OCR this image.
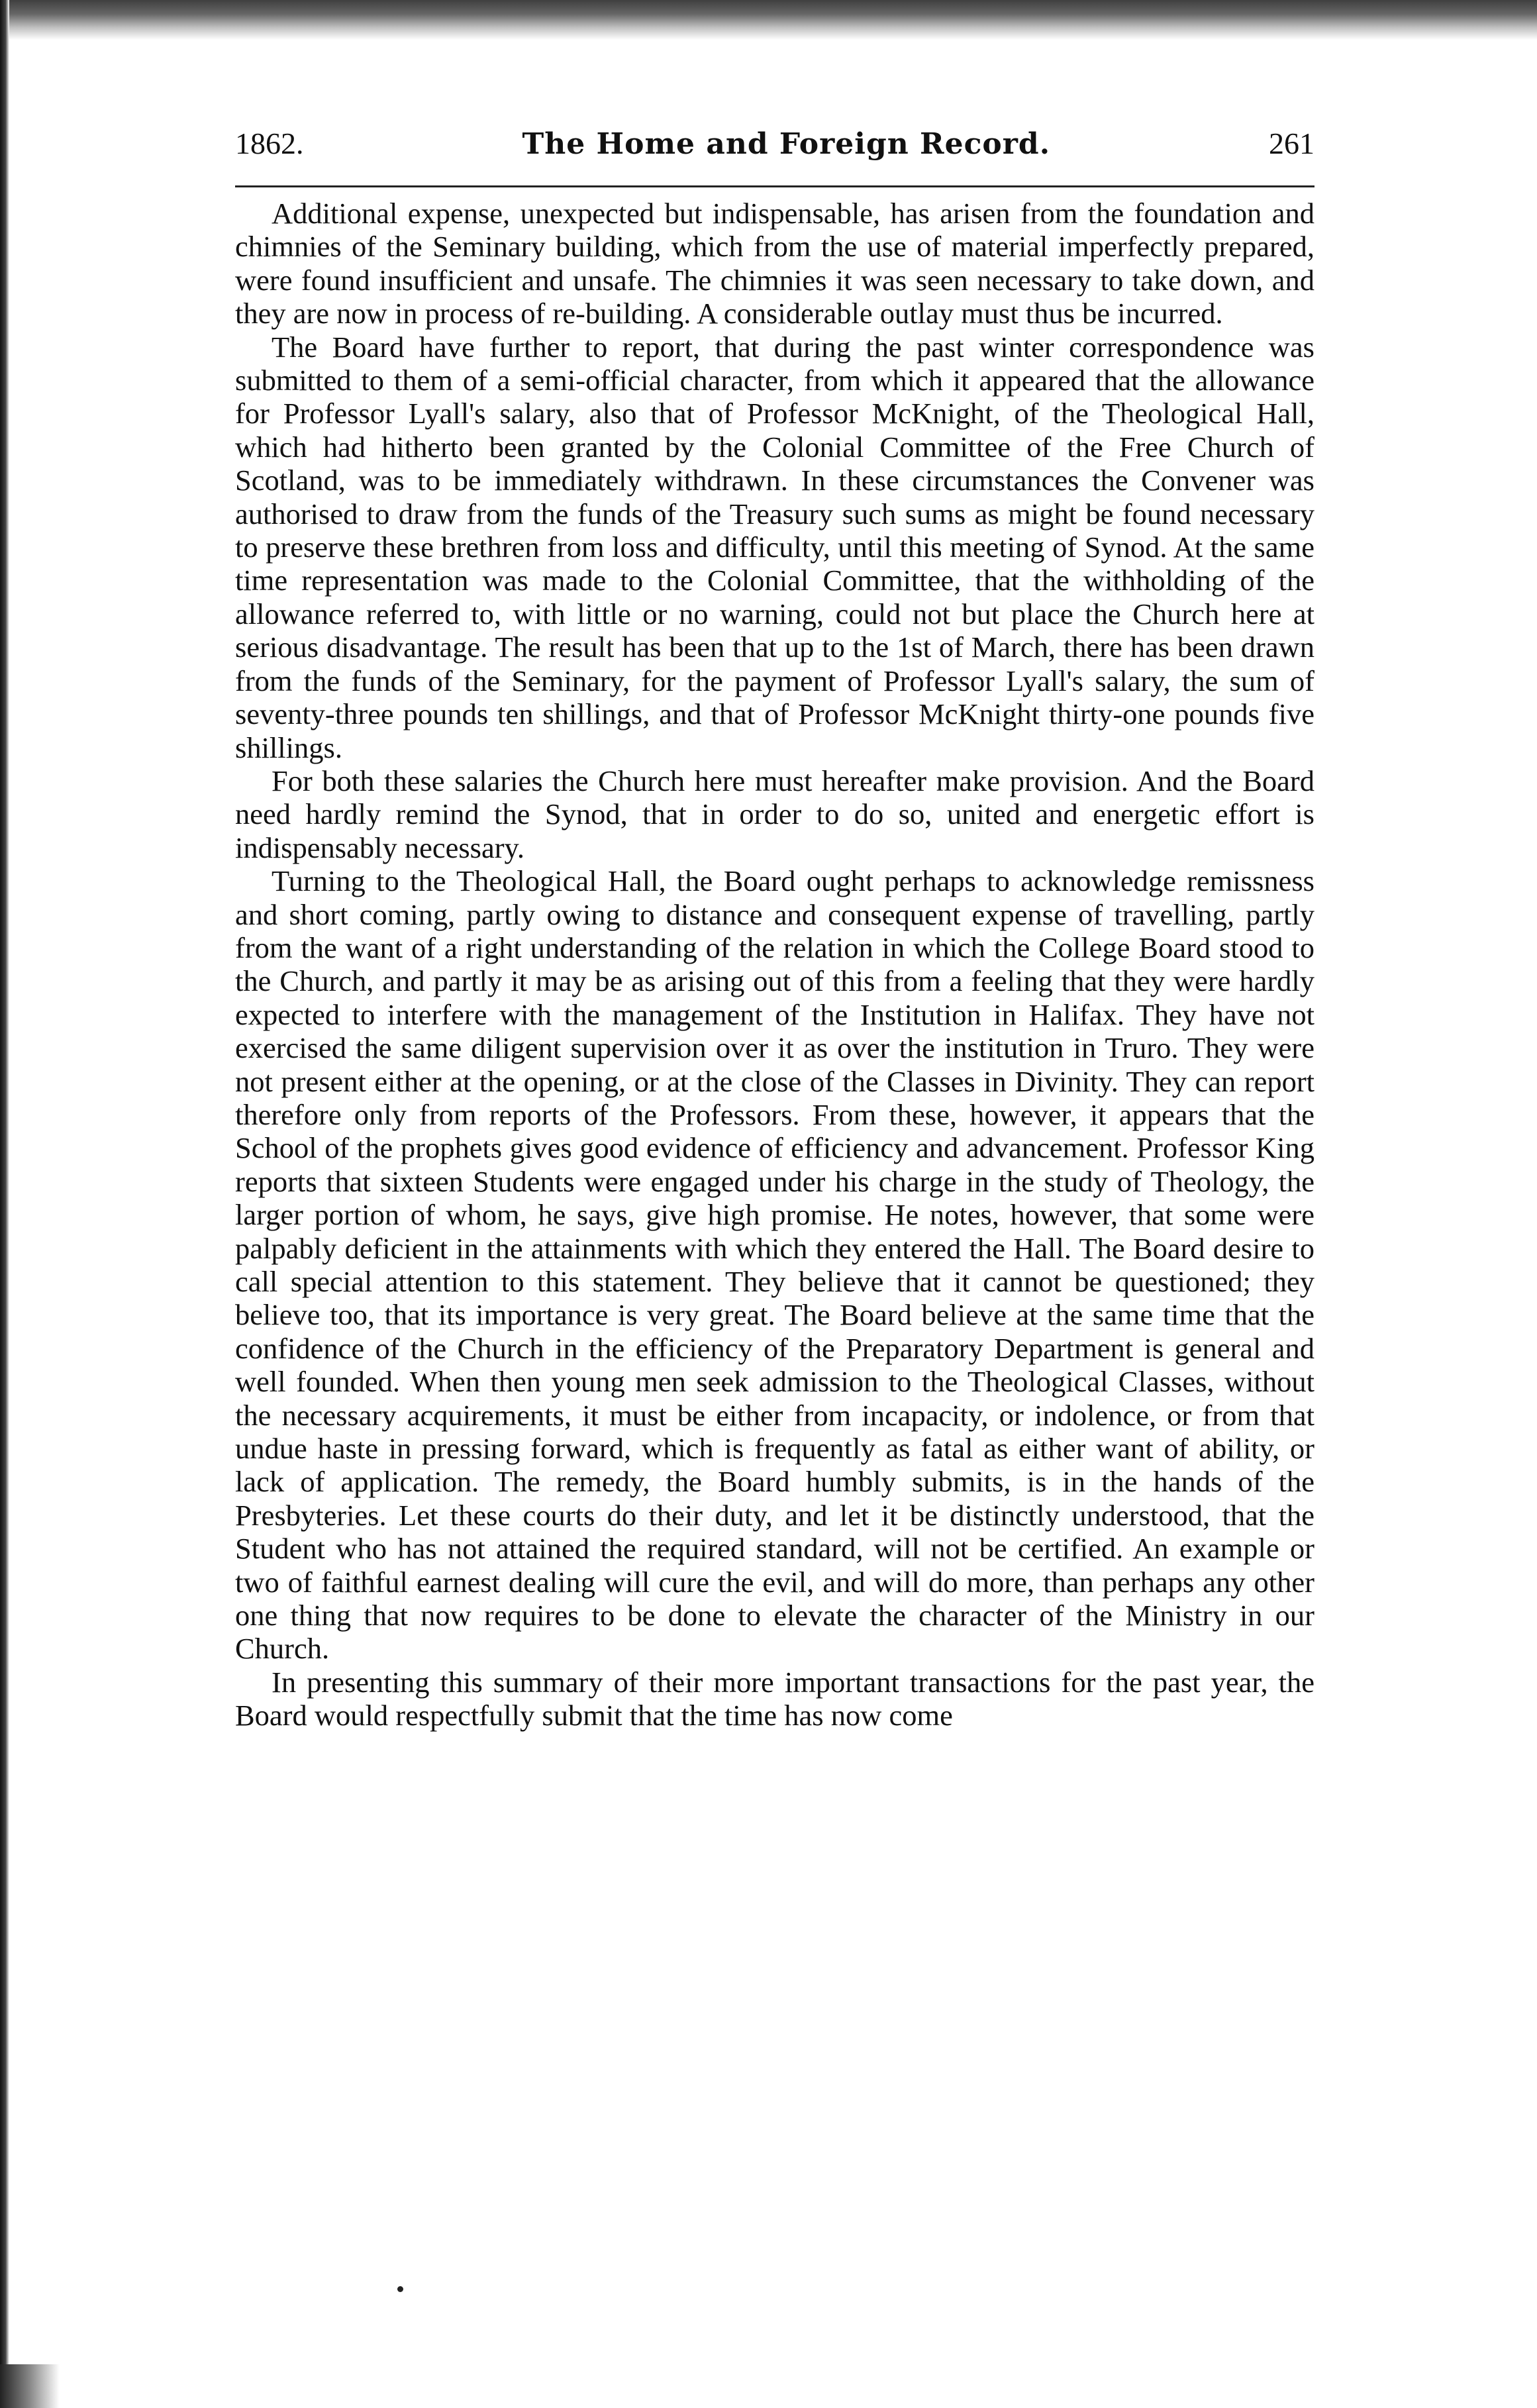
1862.	The Home and Foreign Record.	261

Additional expense, unexpected but indispensable, has arisen from the foundation and chimnies of the Seminary building, which from the use of material imperfectly prepared, were found insufficient and unsafe. The chimnies it was seen necessary to take down, and they are now in process of re-building. A considerable outlay must thus be incurred.

The Board have further to report, that during the past winter correspondence was submitted to them of a semi-official character, from which it appeared that the allowance for Professor Lyall's salary, also that of Professor McKnight, of the Theological Hall, which had hitherto been granted by the Colonial Committee of the Free Church of Scotland, was to be immediately withdrawn. In these circumstances the Convener was authorised to draw from the funds of the Treasury such sums as might be found necessary to preserve these brethren from loss and difficulty, until this meeting of Synod. At the same time representation was made to the Colonial Committee, that the withholding of the allowance referred to, with little or no warning, could not but place the Church here at serious disadvantage. The result has been that up to the 1st of March, there has been drawn from the funds of the Seminary, for the payment of Professor Lyall's salary, the sum of seventy-three pounds ten shillings, and that of Professor McKnight thirty-one pounds five shillings.

For both these salaries the Church here must hereafter make provision. And the Board need hardly remind the Synod, that in order to do so, united and energetic effort is indispensably necessary.

Turning to the Theological Hall, the Board ought perhaps to acknowledge remissness and short coming, partly owing to distance and consequent expense of travelling, partly from the want of a right understanding of the relation in which the College Board stood to the Church, and partly it may be as arising out of this from a feeling that they were hardly expected to interfere with the management of the Institution in Halifax. They have not exercised the same diligent supervision over it as over the institution in Truro. They were not present either at the opening, or at the close of the Classes in Divinity. They can report therefore only from reports of the Professors. From these, however, it appears that the School of the prophets gives good evidence of efficiency and advancement. Professor King reports that sixteen Students were engaged under his charge in the study of Theology, the larger portion of whom, he says, give high promise. He notes, however, that some were palpably deficient in the attainments with which they entered the Hall. The Board desire to call special attention to this statement. They believe that it cannot be questioned; they believe too, that its importance is very great. The Board believe at the same time that the confidence of the Church in the efficiency of the Preparatory Department is general and well founded. When then young men seek admission to the Theological Classes, without the necessary acquirements, it must be either from incapacity, or indolence, or from that undue haste in pressing forward, which is frequently as fatal as either want of ability, or lack of application. The remedy, the Board humbly submits, is in the hands of the Presbyteries. Let these courts do their duty, and let it be distinctly understood, that the Student who has not attained the required standard, will not be certified. An example or two of faithful earnest dealing will cure the evil, and will do more, than perhaps any other one thing that now requires to be done to elevate the character of the Ministry in our Church.

In presenting this summary of their more important transactions for the past year, the Board would respectfully submit that the time has now come
